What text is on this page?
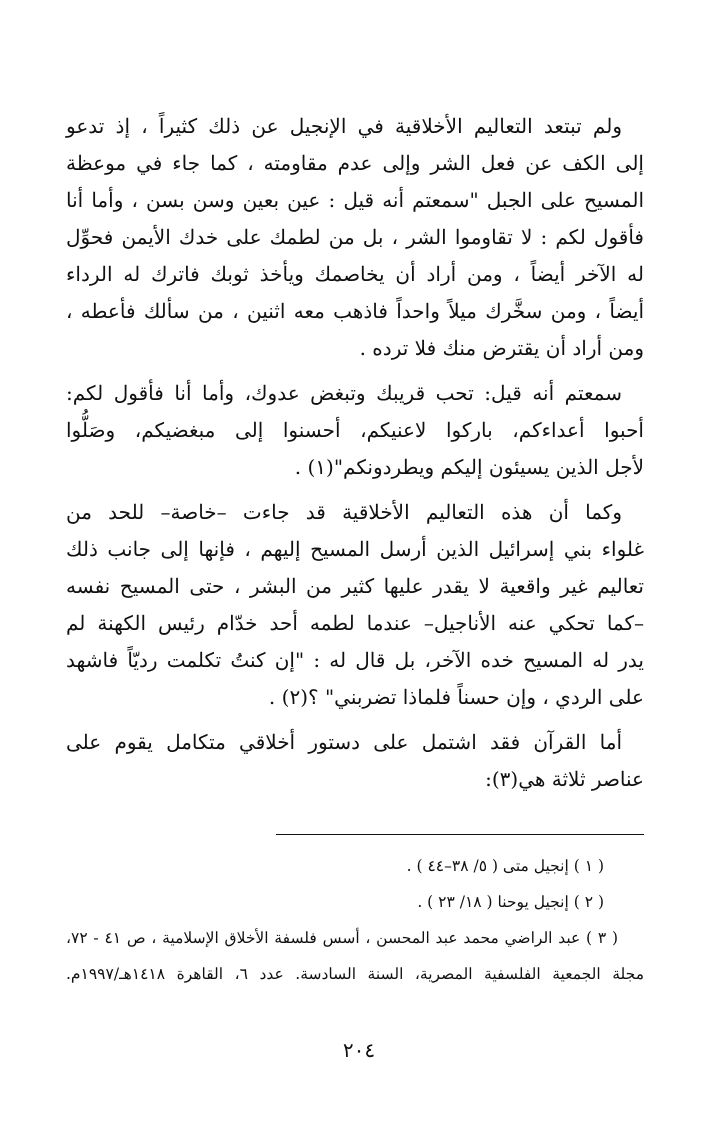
ولم تبتعد التعاليم الأخلاقية في الإنجيل عن ذلك كثيراً ، إذ تدعو
إلى الكف عن فعل الشر وإلى عدم مقاومته ، كما جاء في موعظة
المسيح على الجبل "سمعتم أنه قيل : عين بعين وسن بسن ، وأما أنا
فأقول لكم : لا تقاوموا الشر ، بل من لطمك على خدك الأيمن فحوِّل
له الآخر أيضاً ، ومن أراد أن يخاصمك ويأخذ ثوبك فاترك له الرداء
أيضاً ، ومن سخَّرك ميلاً واحداً فاذهب معه اثنين ، من سألك فأعطه ،
ومن أراد أن يقترض منك فلا ترده .
سمعتم أنه قيل: تحب قريبك وتبغض عدوك، وأما أنا فأقول لكم:
أحبوا أعداءكم، باركوا لاعنيكم، أحسنوا إلى مبغضيكم، وصَلُّوا
لأجل الذين يسيئون إليكم ويطردونكم"(١) .
وكما أن هذه التعاليم الأخلاقية قد جاءت –خاصة– للحد من
غلواء بني إسرائيل الذين أرسل المسيح إليهم ، فإنها إلى جانب ذلك
تعاليم غير واقعية لا يقدر عليها كثير من البشر ، حتى المسيح نفسه
–كما تحكي عنه الأناجيل– عندما لطمه أحد خدّام رئيس الكهنة لم
يدر له المسيح خده الآخر، بل قال له : "إن كنتُ تكلمت رديّاً فاشهد
على الردي ، وإن حسناً فلماذا تضربني" ؟(٢) .
أما القرآن فقد اشتمل على دستور أخلاقي متكامل يقوم على
عناصر ثلاثة هي(٣):
( ١ ) إنجيل متى ( ٥/ ٣٨–٤٤ ) .
( ٢ ) إنجيل يوحنا ( ١٨/ ٢٣ ) .
( ٣ ) عبد الراضي محمد عبد المحسن ، أسس فلسفة الأخلاق الإسلامية ، ص ٤١ - ٧٢،
مجلة الجمعية الفلسفية المصرية، السنة السادسة. عدد ٦، القاهرة ١٤١٨هـ/١٩٩٧م.
٢٠٤
